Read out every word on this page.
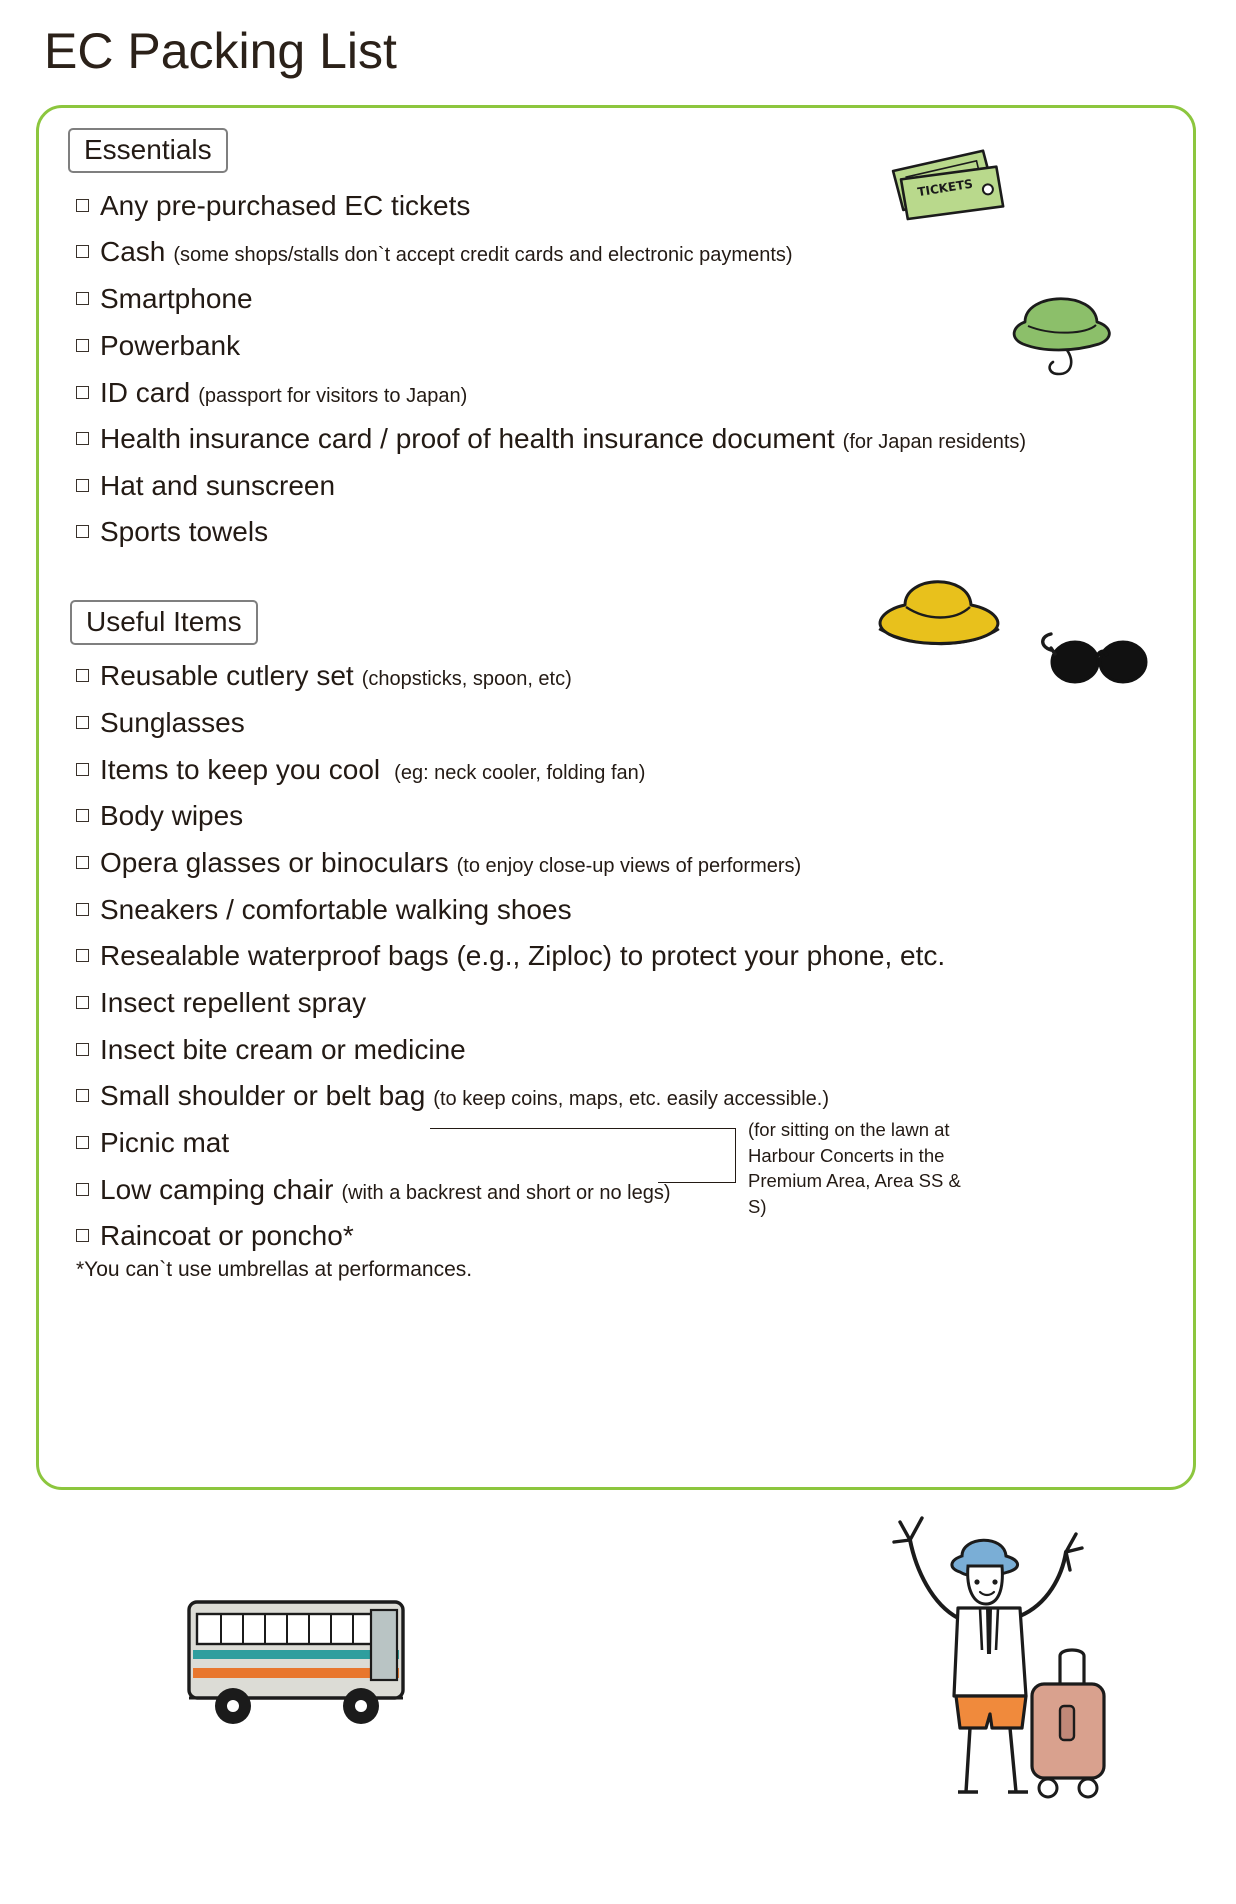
EC Packing List
Essentials
Useful Items
Any pre-purchased EC tickets
Cash (some shops/stalls don`t accept credit cards and electronic payments)
Smartphone
Powerbank
ID card (passport for visitors to Japan)
Health insurance card / proof of health insurance document (for Japan residents)
Hat and sunscreen
Sports towels
Reusable cutlery set (chopsticks, spoon, etc)
Sunglasses
Items to keep you cool (eg: neck cooler, folding fan)
Body wipes
Opera glasses or binoculars (to enjoy close-up views of performers)
Sneakers / comfortable walking shoes
Resealable waterproof bags (e.g., Ziploc) to protect your phone, etc.
Insect repellent spray
Insect bite cream or medicine
Small shoulder or belt bag (to keep coins, maps, etc. easily accessible.)
Picnic mat
Low camping chair (with a backrest and short or no legs)
Raincoat or poncho*
(for sitting on the lawn at Harbour Concerts in the Premium Area, Area SS & S)
*You can`t use umbrellas at performances.
TICKETS
